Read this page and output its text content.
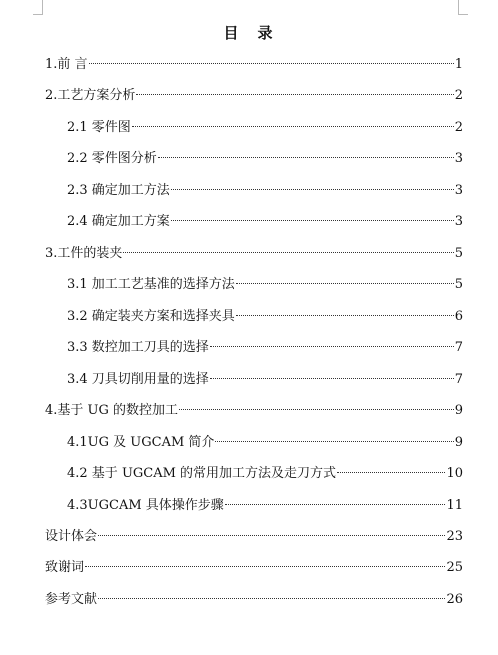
目　录
1.前 言	1
2.工艺方案分析	2
2.1 零件图	2
2.2 零件图分析	3
2.3 确定加工方法	3
2.4 确定加工方案	3
3.工件的装夹	5
3.1 加工工艺基准的选择方法	5
3.2 确定装夹方案和选择夹具	6
3.3 数控加工刀具的选择	7
3.4 刀具切削用量的选择	7
4.基于 UG 的数控加工	9
4.1UG 及 UGCAM 简介	9
4.2 基于 UGCAM 的常用加工方法及走刀方式	10
4.3UGCAM 具体操作步骤	11
设计体会	23
致谢词	25
参考文献	26
